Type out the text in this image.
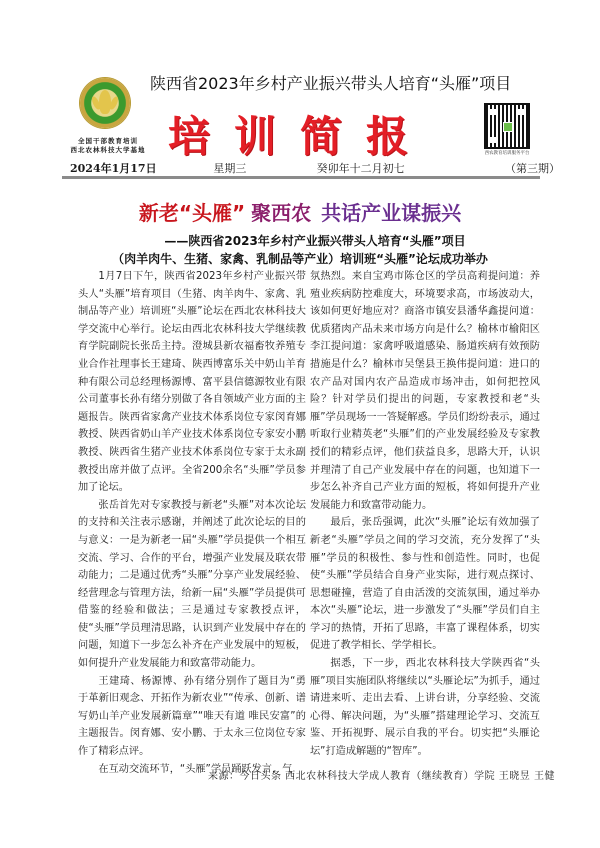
全国干部教育培训
西北农林科技大学基地
陕西省2023年乡村产业振兴带头人培育“头雁”项目
培训简报	西农教育培训服务平台
2024年1月17日	星期三	癸卯年十二月初七	（第三期）
新老“头雁” 聚西农 共话产业谋振兴
——陕西省2023年乡村产业振兴带头人培育“头雁”项目
（肉羊肉牛、生猪、家禽、乳制品等产业）培训班“头雁”论坛成功举办

1月7日下午，陕西省2023年乡村产业振兴带头人“头雁”培育项目（生猪、肉羊肉牛、家禽、乳制品等产业）培训班“头雁”论坛在西北农林科技大学交流中心举行。论坛由西北农林科技大学继续教育学院副院长张岳主持。澄城县新农福畜牧养殖专业合作社理事长王建琦、陕西博富乐关中奶山羊育种有限公司总经理杨源博、富平县信德源牧业有限公司董事长孙有绪分别做了各自领域产业方面的主题报告。陕西省家禽产业技术体系岗位专家闵育娜教授、陕西省奶山羊产业技术体系岗位专家安小鹏教授、陕西省生猪产业技术体系岗位专家于太永副教授出席并做了点评。全省200余名“头雁”学员参加了论坛。

张岳首先对专家教授与新老“头雁”对本次论坛的支持和关注表示感谢，并阐述了此次论坛的目的与意义：一是为新老一届“头雁”学员提供一个相互交流、学习、合作的平台，增强产业发展及联农带动能力；二是通过优秀“头雁”分享产业发展经验、经营理念与管理方法，给新一届“头雁”学员提供可借鉴的经验和做法；三是通过专家教授点评，使“头雁”学员理清思路，认识到产业发展中存在的问题，知道下一步怎么补齐在产业发展中的短板，如何提升产业发展能力和致富带动能力。

王建琦、杨源博、孙有绪分别作了题目为“勇于革新旧观念、开拓作为新农业”“传承、创新、谱写奶山羊产业发展新篇章”“唯天有道 唯民安富”的主题报告。闵育娜、安小鹏、于太永三位岗位专家作了精彩点评。

在互动交流环节，“头雁”学员踊跃发言，气

氛热烈。来自宝鸡市陈仓区的学员高莉提问道：养殖业疾病防控难度大，环境要求高，市场波动大，该如何更好地应对？商洛市镇安县潘华鑫提问道：优质猪肉产品未来市场方向是什么？榆林市榆阳区李江提问道：家禽呼吸道感染、肠道疾病有效预防措施是什么？榆林市吴堡县王换伟提问道：进口的农产品对国内农产品造成市场冲击，如何把控风险？针对学员们提出的问题，专家教授和老“头雁”学员现场一一答疑解惑。学员们纷纷表示，通过听取行业精英老“头雁”们的产业发展经验及专家教授们的精彩点评，他们获益良多，思路大开，认识并理清了自己产业发展中存在的问题，也知道下一步怎么补齐自己产业方面的短板，将如何提升产业发展能力和致富带动能力。

最后，张岳强调，此次“头雁”论坛有效加强了新老“头雁”学员之间的学习交流，充分发挥了“头雁”学员的积极性、参与性和创造性。同时，也促使“头雁”学员结合自身产业实际，进行观点探讨、思想碰撞，营造了自由活泼的交流氛围，通过举办本次“头雁”论坛，进一步激发了“头雁”学员们自主学习的热情，开拓了思路，丰富了课程体系，切实促进了教学相长、学学相长。

据悉，下一步，西北农林科技大学陕西省“头雁”项目实施团队将继续以“头雁论坛”为抓手，通过请进来听、走出去看、上讲台讲，分享经验、交流心得、解决问题，为“头雁”搭建理论学习、交流互鉴、开拓视野、展示自我的平台。切实把“头雁论坛”打造成解题的“智库”。

来源：今日头条 西北农林科技大学成人教育（继续教育）学院 王晓昱 王健
